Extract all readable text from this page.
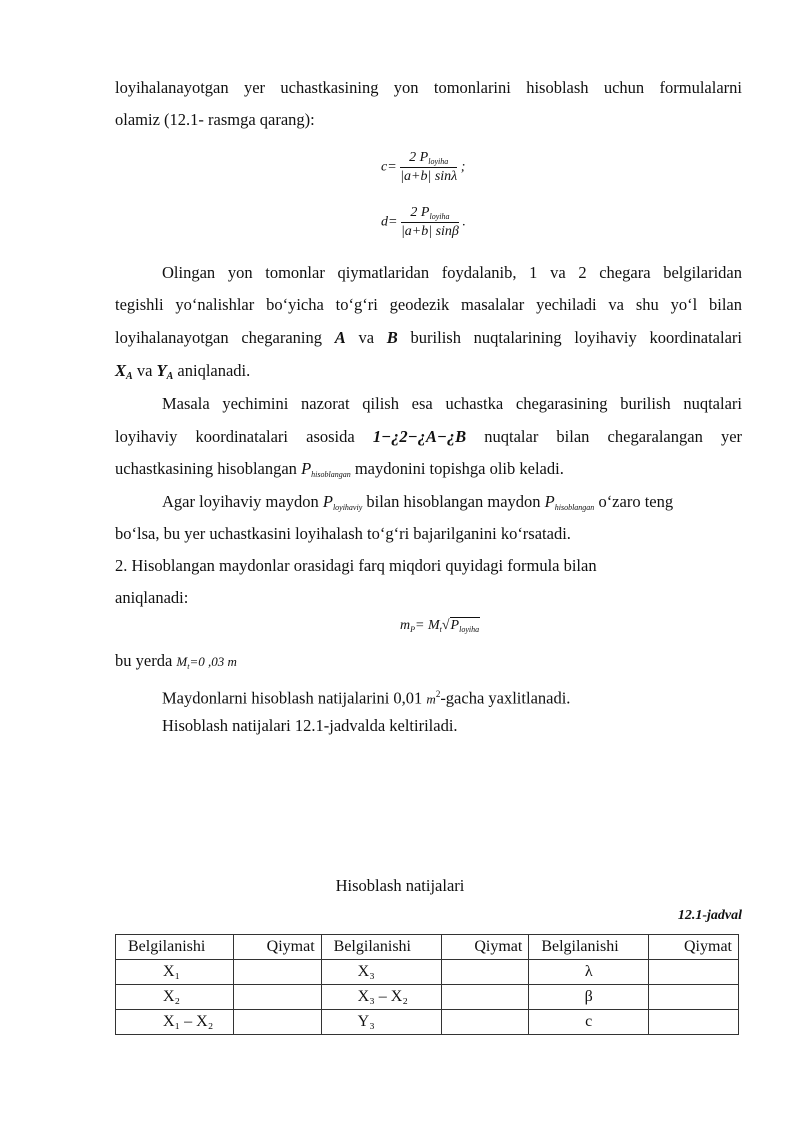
loyihalanayotgan yer uchastkasining yon tomonlarini hisoblash uchun formulalarni

olamiz (12.1- rasmga qarang):

$c= \frac{2 P_{loyiha}}{|a+b| \sin\lambda}$ ;
$d= \frac{2 P_{loyiha}}{|a+b| \sin\beta}$ .

Olingan yon tomonlar qiymatlaridan foydalanib, 1 va 2 chegara belgilaridan

tegishli yo‘nalishlar bo‘yicha to‘g‘ri geodezik masalalar yechiladi va shu yo‘l bilan

loyihalanayotgan chegaraning A va B burilish nuqtalarining loyihaviy koordinatalari

XA va YA aniqlanadi.

Masala yechimini nazorat qilish esa uchastka chegarasining burilish nuqtalari

loyihaviy koordinatalari asosida 1−¿2−¿A−¿B nuqtalar bilan chegaralangan yer

uchastkasining hisoblangan Phisoblangan maydonini topishga olib keladi.

Agar loyihaviy maydon Ployihaviy bilan hisoblangan maydon Phisoblangan o‘zaro teng

bo‘lsa, bu yer uchastkasini loyihalash to‘g‘ri bajarilganini ko‘rsatadi.

2. Hisoblangan maydonlar orasidagi farq miqdori quyidagi formula bilan

aniqlanadi:

$m_P= M_t√P_{loyiha}$

bu yerda Mt=0 ,03 m

Maydonlarni hisoblash natijalarini 0,01 $m^2$-gacha yaxlitlanadi.

Hisoblash natijalari 12.1-jadvalda keltiriladi.

Hisoblash natijalari
12.1-jadval
Belgilanishi	Qiymat	Belgilanishi	Qiymat	Belgilanishi	Qiymat
X₁		X₃		λ	
X₂		X₃ – X₂		β	
X₁ – X₂		Y₃		c	
